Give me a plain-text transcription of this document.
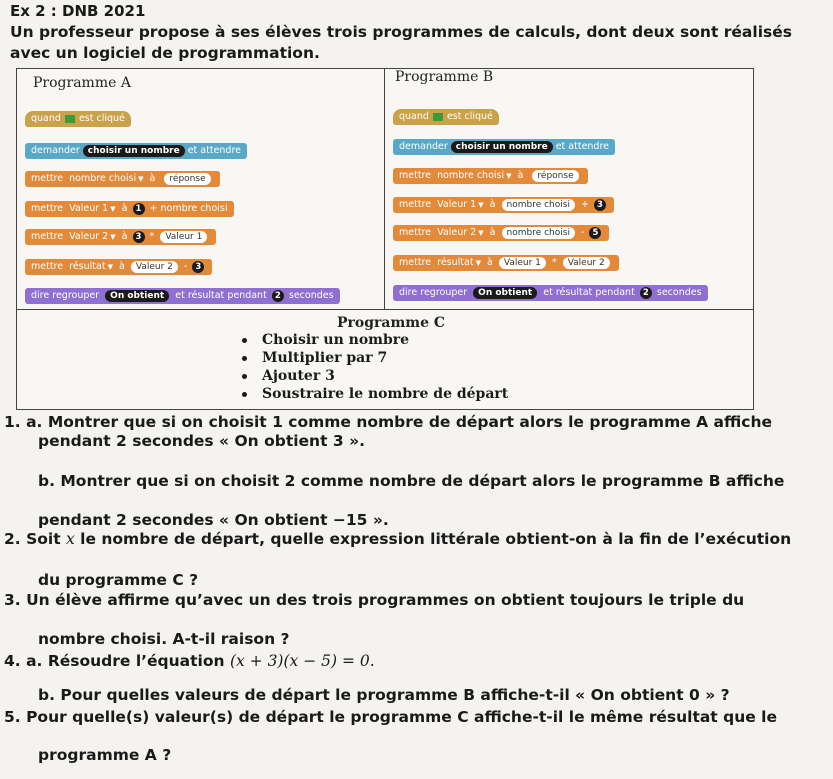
Ex 2 : DNB 2021
Un professeur propose à ses élèves trois programmes de calculs, dont deux sont réalisés
avec un logiciel de programmation.
Programme A
quand est cliqué
demander choisir un nombre et attendre
mettre nombre choisi ▼ à réponse
mettre Valeur 1 ▼ à 1 + nombre choisi
mettre Valeur 2 ▼ à 3 * Valeur 1
mettre résultat ▼ à Valeur 2 - 3
dire regrouper On obtient et résultat pendant 2 secondes
Programme B
quand est cliqué
demander choisir un nombre et attendre
mettre nombre choisi ▼ à réponse
mettre Valeur 1 ▼ à nombre choisi + 3
mettre Valeur 2 ▼ à nombre choisi - 5
mettre résultat ▼ à Valeur 1 * Valeur 2
dire regrouper On obtient et résultat pendant 2 secondes
Programme C
Choisir un nombre
Multiplier par 7
Ajouter 3
Soustraire le nombre de départ
1. a. Montrer que si on choisit 1 comme nombre de départ alors le programme A affiche
pendant 2 secondes « On obtient 3 ».
b. Montrer que si on choisit 2 comme nombre de départ alors le programme B affiche
pendant 2 secondes « On obtient −15 ».
2. Soit x le nombre de départ, quelle expression littérale obtient-on à la fin de l’exécution
du programme C ?
3. Un élève affirme qu’avec un des trois programmes on obtient toujours le triple du
nombre choisi. A-t-il raison ?
4. a. Résoudre l’équation (x + 3)(x − 5) = 0.
b. Pour quelles valeurs de départ le programme B affiche-t-il « On obtient 0 » ?
5. Pour quelle(s) valeur(s) de départ le programme C affiche-t-il le même résultat que le
programme A ?
